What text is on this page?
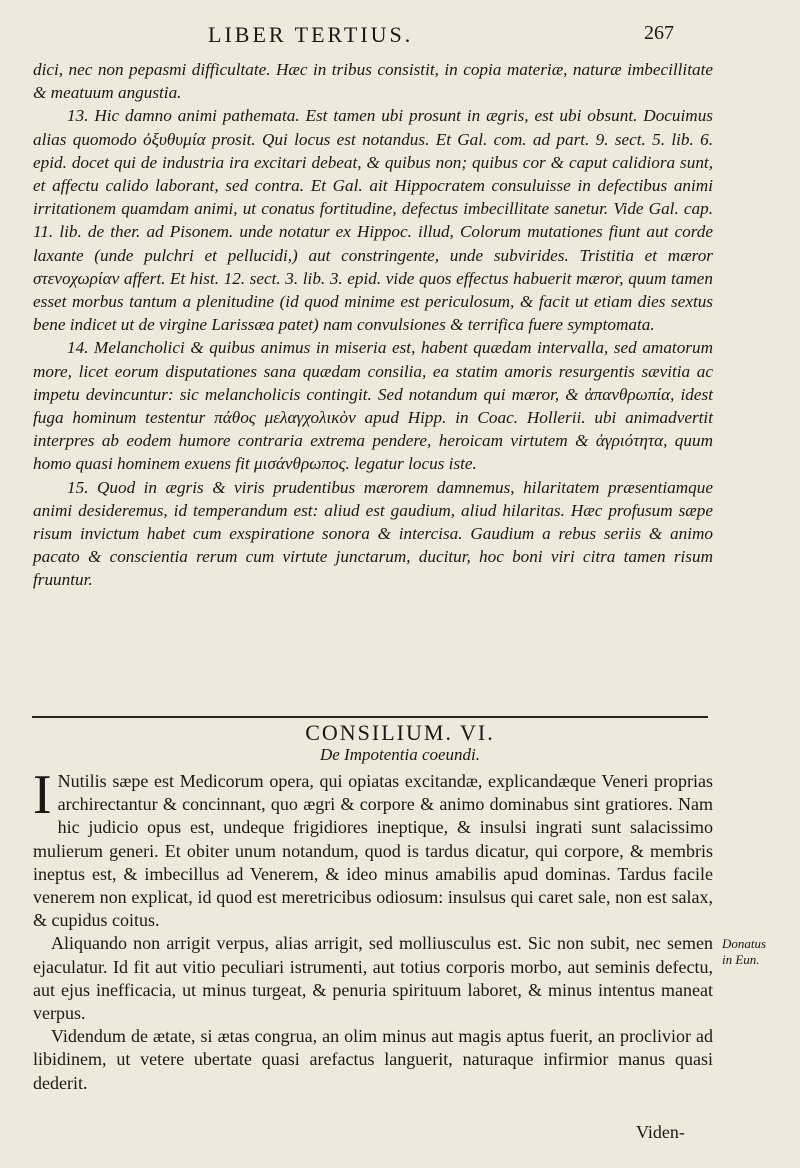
LIBER TERTIUS.	267

dici, nec non pepasmi difficultate. Hæc in tribus consistit, in copia materiæ, naturæ imbecillitate & meatuum angustia.

13. Hic damno animi pathemata. Est tamen ubi prosunt in ægris, est ubi obsunt. Docuimus alias quomodo ὀξυθυμία prosit. Qui locus est notandus. Et Gal. com. ad part. 9. sect. 5. lib. 6. epid. docet qui de industria ira excitari debeat, & quibus non; quibus cor & caput calidiora sunt, et affectu calido laborant, sed contra. Et Gal. ait Hippocratem consuluisse in defectibus animi irritationem quamdam animi, ut conatus fortitudine, defectus imbecillitate sanetur. Vide Gal. cap. 11. lib. de ther. ad Pisonem. unde notatur ex Hippoc. illud, Colorum mutationes fiunt aut corde laxante (unde pulchri et pellucidi,) aut constringente, unde subvirides. Tristitia et mæror στενοχωρίαν affert. Et hist. 12. sect. 3. lib. 3. epid. vide quos effectus habuerit mæror, quum tamen esset morbus tantum a plenitudine (id quod minime est periculosum, & facit ut etiam dies sextus bene indicet ut de virgine Larissæa patet) nam convulsiones & terrifica fuere symptomata.

14. Melancholici & quibus animus in miseria est, habent quædam intervalla, sed amatorum more, licet eorum disputationes sana quædam consilia, ea statim amoris resurgentis sævitia ac impetu devincuntur: sic melancholicis contingit. Sed notandum qui mæror, & ἀπανθρωπία, idest fuga hominum testentur πάθος μελαγχολικὸν apud Hipp. in Coac. Hollerii. ubi animadvertit interpres ab eodem humore contraria extrema pendere, heroicam virtutem & ἀγριότητα, quum homo quasi hominem exuens fit μισάνθρωπος. legatur locus iste.

15. Quod in ægris & viris prudentibus mærorem damnemus, hilaritatem præsentiamque animi desideremus, id temperandum est: aliud est gaudium, aliud hilaritas. Hæc profusum sæpe risum invictum habet cum exspiratione sonora & intercisa. Gaudium a rebus seriis & animo pacato & conscientia rerum cum virtute junctarum, ducitur, hoc boni viri citra tamen risum fruuntur.

CONSILIUM. VI.
De Impotentia coeundi.

I Nutilis sæpe est Medicorum opera, qui opiatas excitandæ, explicandæque Veneri proprias archirectantur & concinnant, quo ægri & corpore & animo dominabus sint gratiores. Nam hic judicio opus est, undeque frigidiores ineptique, & insulsi ingrati sunt salacissimo mulierum generi. Et obiter unum notandum, quod is tardus dicatur, qui corpore, & membris ineptus est, & imbecillus ad Venerem, & ideo minus amabilis apud dominas. Tardus facile venerem non explicat, id quod est meretricibus odiosum: insulsus qui caret sale, non est salax, & cupidus coitus.

Aliquando non arrigit verpus, alias arrigit, sed molliusculus est. Sic non subit, nec semen ejaculatur. Id fit aut vitio peculiari istrumenti, aut totius corporis morbo, aut seminis defectu, aut ejus inefficacia, ut minus turgeat, & penuria spirituum laboret, & minus intentus maneat verpus.

Videndum de ætate, si ætas congrua, an olim minus aut magis aptus fuerit, an proclivior ad libidinem, ut vetere ubertate quasi arefactus languerit, naturaque infirmior manus quasi dederit.

Donatus
in Eun.
Viden-
